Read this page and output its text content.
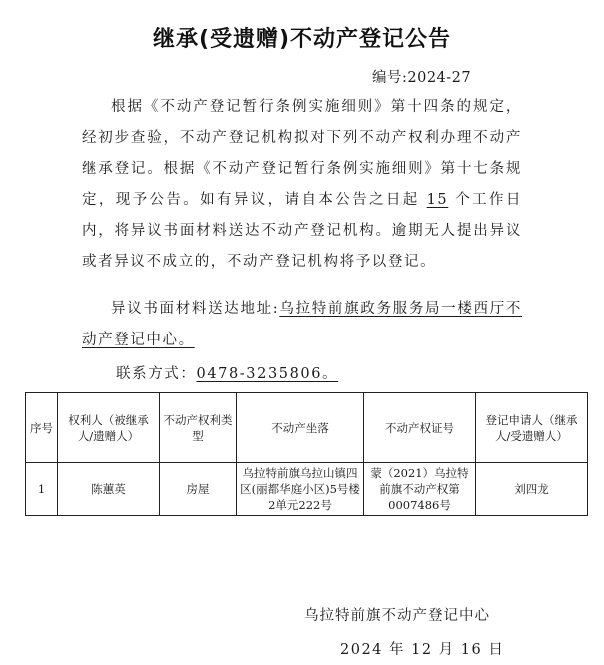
继承(受遗赠)不动产登记公告
编号:2024-27
根据《不动产登记暂行条例实施细则》第十四条的规定，经初步查验，不动产登记机构拟对下列不动产权利办理不动产继承登记。根据《不动产登记暂行条例实施细则》第十七条规定，现予公告。如有异议，请自本公告之日起 15 个工作日内，将异议书面材料送达不动产登记机构。逾期无人提出异议或者异议不成立的，不动产登记机构将予以登记。
异议书面材料送达地址:乌拉特前旗政务服务局一楼西厅不动产登记中心。
联系方式：0478-3235806。
序号	权利人（被继承人/遗赠人）	不动产权利类型	不动产坐落	不动产权证号	登记申请人（继承人/受遗赠人）
1	陈蕙英	房屋	乌拉特前旗乌拉山镇四区(丽都华庭小区)5号楼2单元222号	蒙（2021）乌拉特前旗不动产权第0007486号	刘四龙
乌拉特前旗不动产登记中心
2024 年 12 月 16 日
